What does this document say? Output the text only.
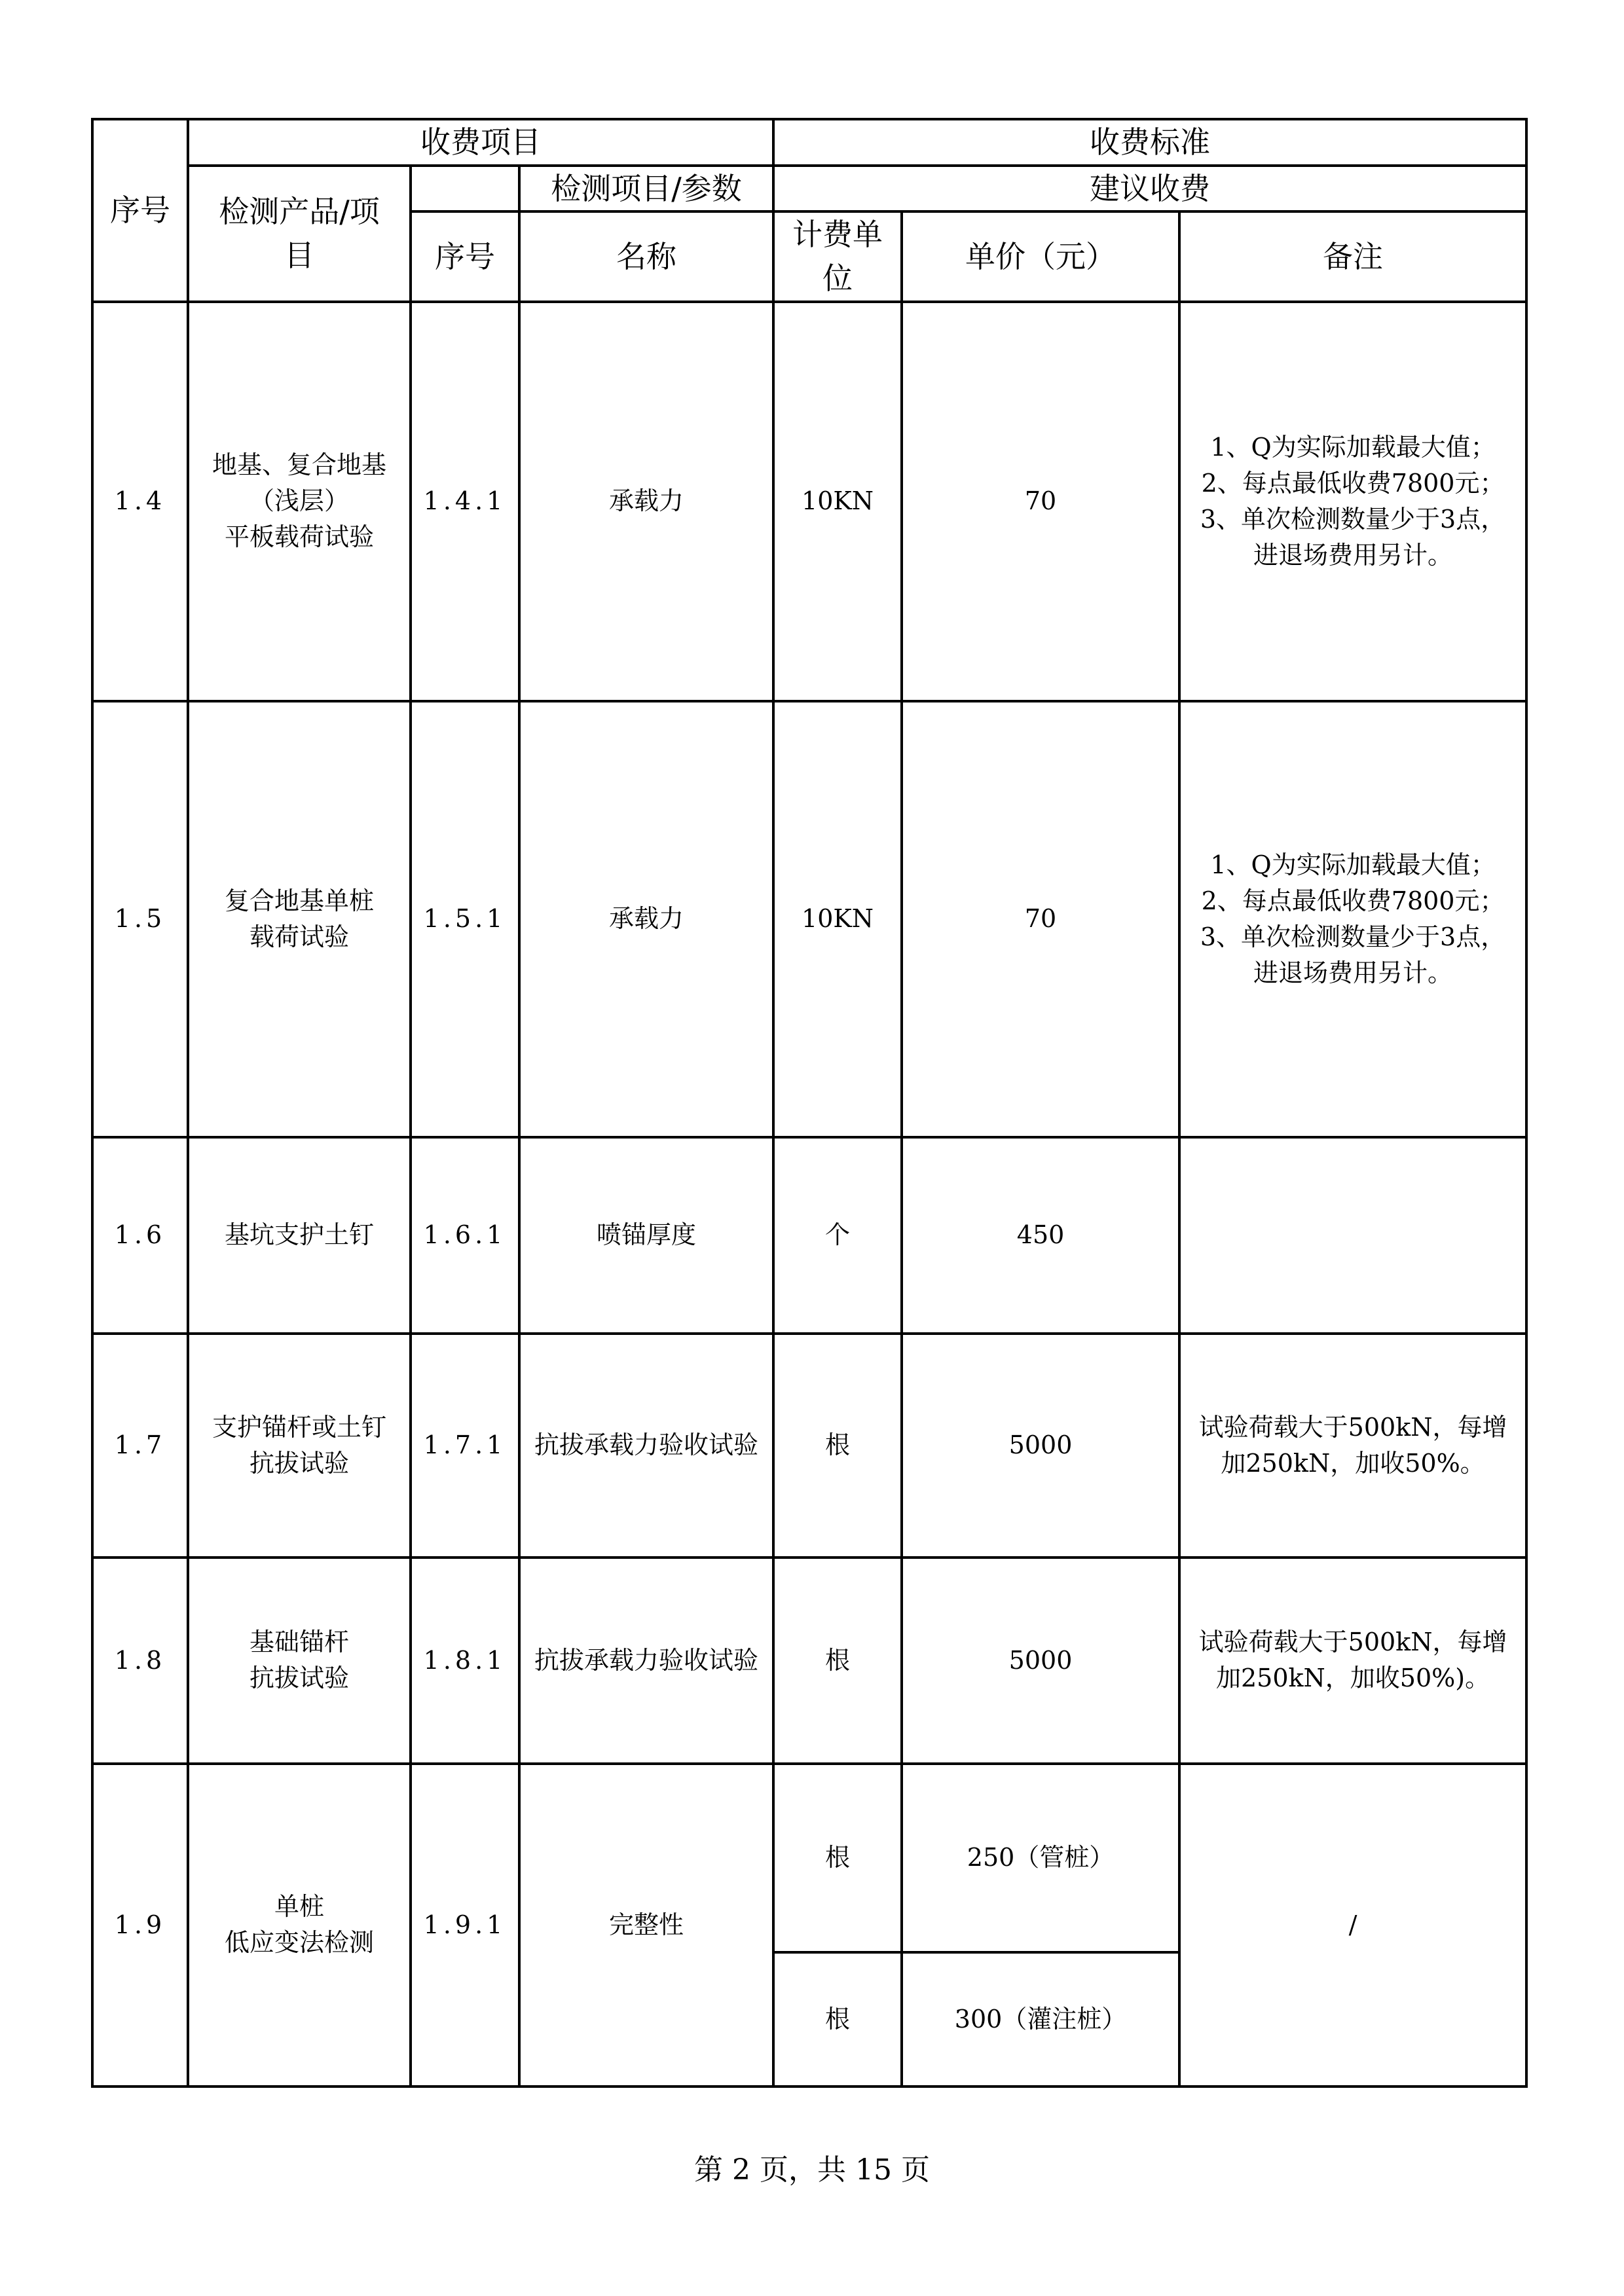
序号	收费项目			收费标准		
	检测产品/项
目		检测项目/参数	建议收费		
		序号	名称	计费单位	单价（元）	备注
1.4	地基、复合地基
（浅层）
平板载荷试验	1.4.1	承载力	10KN	70	1、Q为实际加载最大值；
2、每点最低收费7800元；
3、单次检测数量少于3点，
进退场费用另计。
1.5	复合地基单桩
载荷试验	1.5.1	承载力	10KN	70	1、Q为实际加载最大值；
2、每点最低收费7800元；
3、单次检测数量少于3点，
进退场费用另计。
1.6	基坑支护土钉	1.6.1	喷锚厚度	个	450	
1.7	支护锚杆或土钉
抗拔试验	1.7.1	抗拔承载力验收试验	根	5000	试验荷载大于500kN，每增
加250kN，加收50%。
1.8	基础锚杆
抗拔试验	1.8.1	抗拔承载力验收试验	根	5000	试验荷载大于500kN，每增
加250kN，加收50%)。
1.9	单桩
低应变法检测	1.9.1	完整性	根	250（管桩）	/
				根	300（灌注桩）	
第 2 页，共 15 页
